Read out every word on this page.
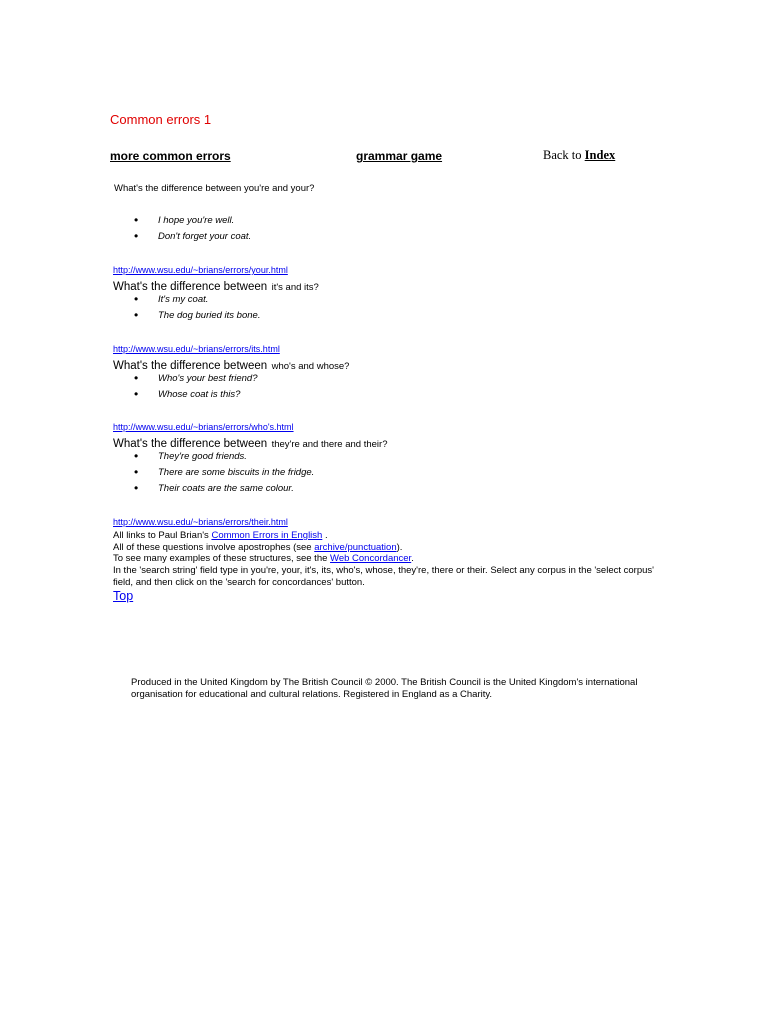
Common errors 1
more common errors	grammar game	Back to Index
What's the difference between you're and your?
• I hope you're well.
• Don't forget your coat.
http://www.wsu.edu/~brians/errors/your.html
What's the difference between it's and its?
• It's my coat.
• The dog buried its bone.
http://www.wsu.edu/~brians/errors/its.html
What's the difference between who's and whose?
• Who's your best friend?
• Whose coat is this?
http://www.wsu.edu/~brians/errors/who's.html
What's the difference between they're and there and their?
• They're good friends.
• There are some biscuits in the fridge.
• Their coats are the same colour.
http://www.wsu.edu/~brians/errors/their.html
All links to Paul Brian's Common Errors in English .
All of these questions involve apostrophes (see archive/punctuation).
To see many examples of these structures, see the Web Concordancer.
In the 'search string' field type in you're, your, it's, its, who's, whose, they're, there or their. Select any corpus in the 'select corpus' field, and then click on the 'search for concordances' button.
Top
Produced in the United Kingdom by The British Council © 2000. The British Council is the United Kingdom's international organisation for educational and cultural relations. Registered in England as a Charity.
